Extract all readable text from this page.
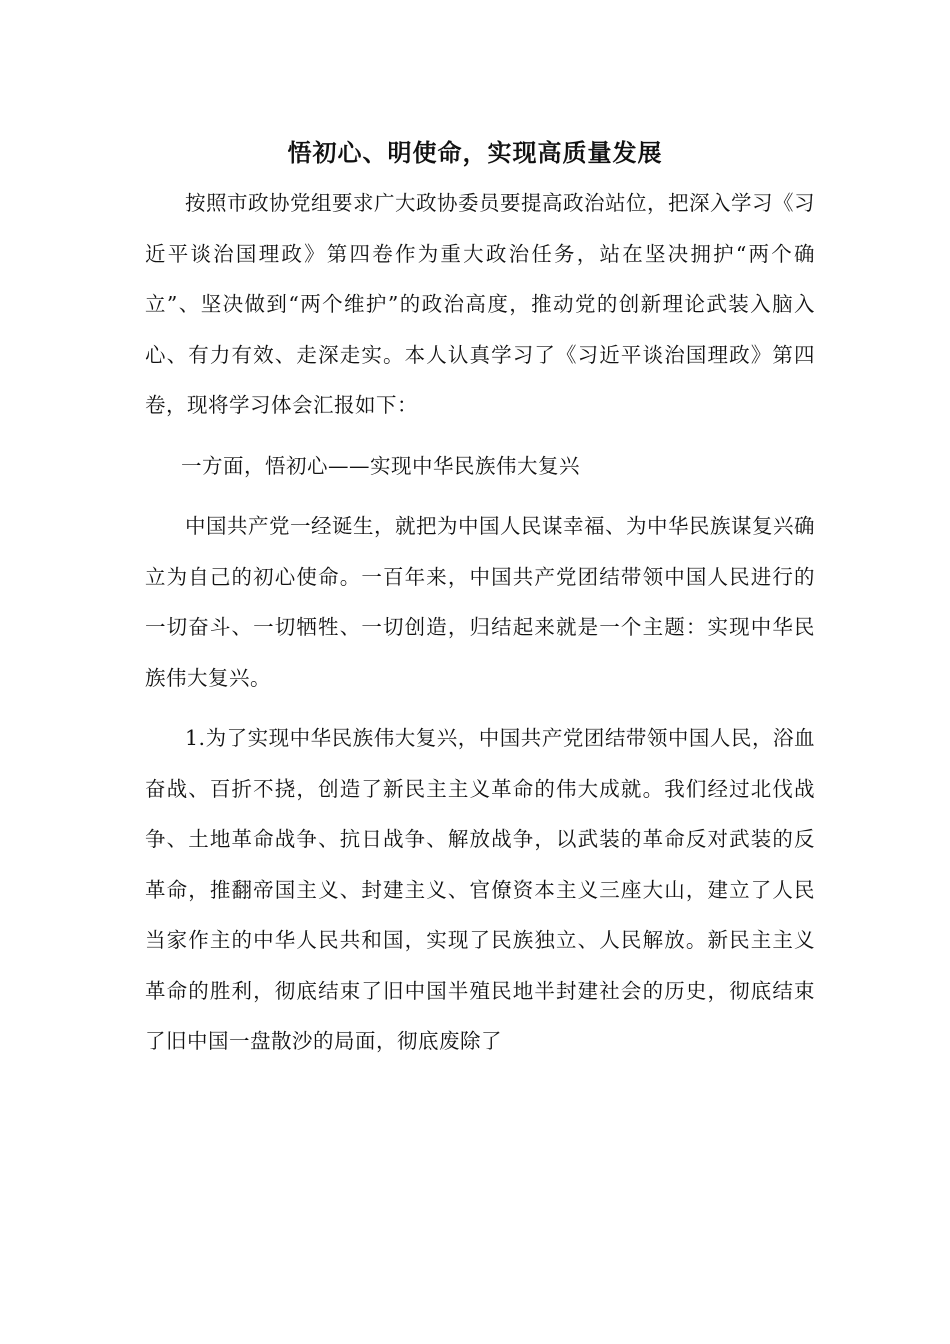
悟初心、明使命，实现高质量发展

按照市政协党组要求广大政协委员要提高政治站位，把深入学习《习近平谈治国理政》第四卷作为重大政治任务，站在坚决拥护“两个确立”、坚决做到“两个维护”的政治高度，推动党的创新理论武装入脑入心、有力有效、走深走实。本人认真学习了《习近平谈治国理政》第四卷，现将学习体会汇报如下：

一方面，悟初心——实现中华民族伟大复兴

中国共产党一经诞生，就把为中国人民谋幸福、为中华民族谋复兴确立为自己的初心使命。一百年来，中国共产党团结带领中国人民进行的一切奋斗、一切牺牲、一切创造，归结起来就是一个主题：实现中华民族伟大复兴。

1.为了实现中华民族伟大复兴，中国共产党团结带领中国人民，浴血奋战、百折不挠，创造了新民主主义革命的伟大成就。我们经过北伐战争、土地革命战争、抗日战争、解放战争，以武装的革命反对武装的反革命，推翻帝国主义、封建主义、官僚资本主义三座大山，建立了人民当家作主的中华人民共和国，实现了民族独立、人民解放。新民主主义革命的胜利，彻底结束了旧中国半殖民地半封建社会的历史，彻底结束了旧中国一盘散沙的局面，彻底废除了
